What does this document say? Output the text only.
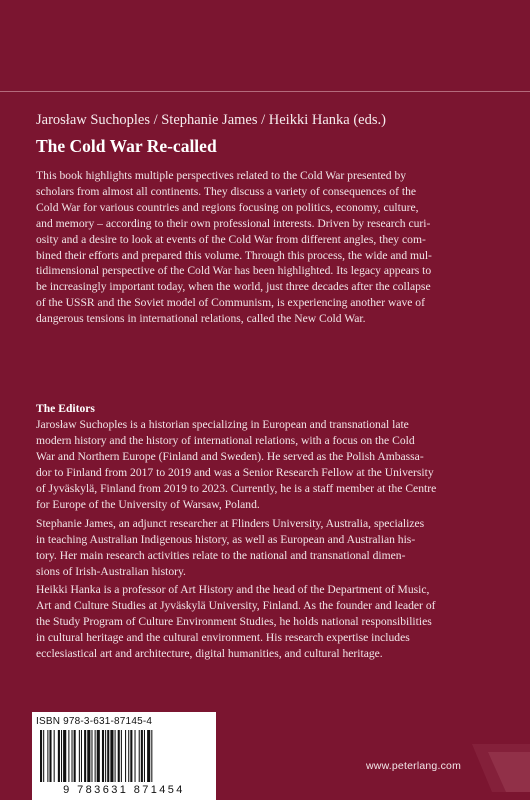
Jarosław Suchoples / Stephanie James / Heikki Hanka (eds.)
The Cold War Re-called
This book highlights multiple perspectives related to the Cold War presented by
scholars from almost all continents. They discuss a variety of consequences of the
Cold War for various countries and regions focusing on politics, economy, culture,
and memory – according to their own professional interests. Driven by research curi-
osity and a desire to look at events of the Cold War from different angles, they com-
bined their efforts and prepared this volume. Through this process, the wide and mul-
tidimensional perspective of the Cold War has been highlighted. Its legacy appears to
be increasingly important today, when the world, just three decades after the collapse
of the USSR and the Soviet model of Communism, is experiencing another wave of
dangerous tensions in international relations, called the New Cold War.
The Editors
Jarosław Suchoples is a historian specializing in European and transnational late
modern history and the history of international relations, with a focus on the Cold
War and Northern Europe (Finland and Sweden). He served as the Polish Ambassa-
dor to Finland from 2017 to 2019 and was a Senior Research Fellow at the University
of Jyväskylä, Finland from 2019 to 2023. Currently, he is a staff member at the Centre
for Europe of the University of Warsaw, Poland.
Stephanie James, an adjunct researcher at Flinders University, Australia, specializes
in teaching Australian Indigenous history, as well as European and Australian his-
tory. Her main research activities relate to the national and transnational dimen-
sions of Irish-Australian history.
Heikki Hanka is a professor of Art History and the head of the Department of Music,
Art and Culture Studies at Jyväskylä University, Finland. As the founder and leader of
the Study Program of Culture Environment Studies, he holds national responsibilities
in cultural heritage and the cultural environment. His research expertise includes
ecclesiastical art and architecture, digital humanities, and cultural heritage.
ISBN 978-3-631-87145-4
9 783631 871454
www.peterlang.com
